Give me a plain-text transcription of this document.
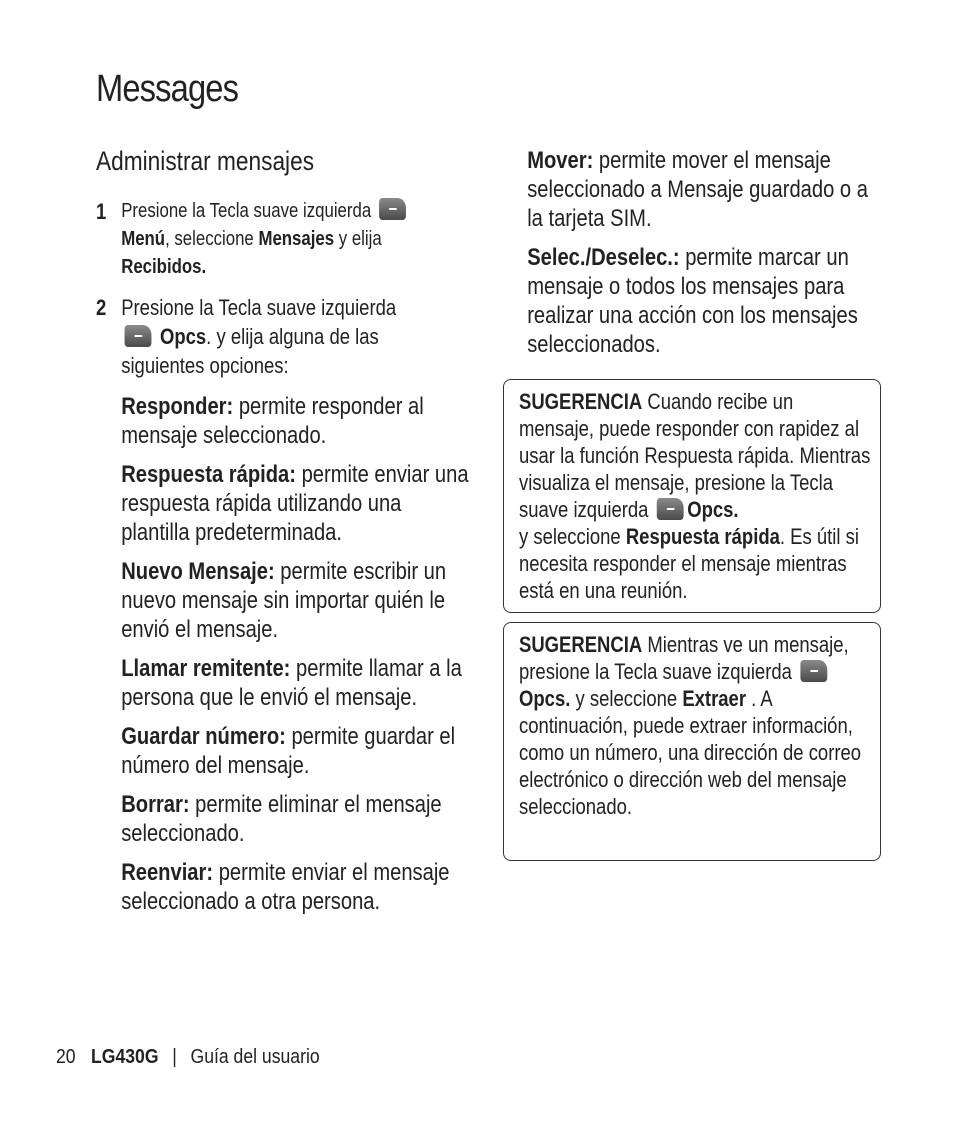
Messages
Administrar mensajes
1 Presione la Tecla suave izquierda
Menú, seleccione Mensajes y elija
Recibidos.
2 Presione la Tecla suave izquierda
Opcs. y elija alguna de las siguientes opciones:

Responder: permite responder al mensaje seleccionado.

Respuesta rápida: permite enviar una respuesta rápida utilizando una plantilla predeterminada.

Nuevo Mensaje: permite escribir un nuevo mensaje sin importar quién le envió el mensaje.

Llamar remitente: permite llamar a la persona que le envió el mensaje.

Guardar número: permite guardar el número del mensaje.

Borrar: permite eliminar el mensaje seleccionado.

Reenviar: permite enviar el mensaje seleccionado a otra persona.

Mover: permite mover el mensaje seleccionado a Mensaje guardado o a la tarjeta SIM.

Selec./Deselec.: permite marcar un mensaje o todos los mensajes para realizar una acción con los mensajes seleccionados.

SUGERENCIA Cuando recibe un mensaje, puede responder con rapidez al usar la función Respuesta rápida. Mientras visualiza el mensaje, presione la Tecla suave izquierda Opcs.
y seleccione Respuesta rápida. Es útil si necesita responder el mensaje mientras está en una reunión.
SUGERENCIA Mientras ve un mensaje, presione la Tecla suave izquierda Opcs. y seleccione Extraer . A continuación, puede extraer información, como un número, una dirección de correo electrónico o dirección web del mensaje seleccionado.
20 LG430G | Guía del usuario
